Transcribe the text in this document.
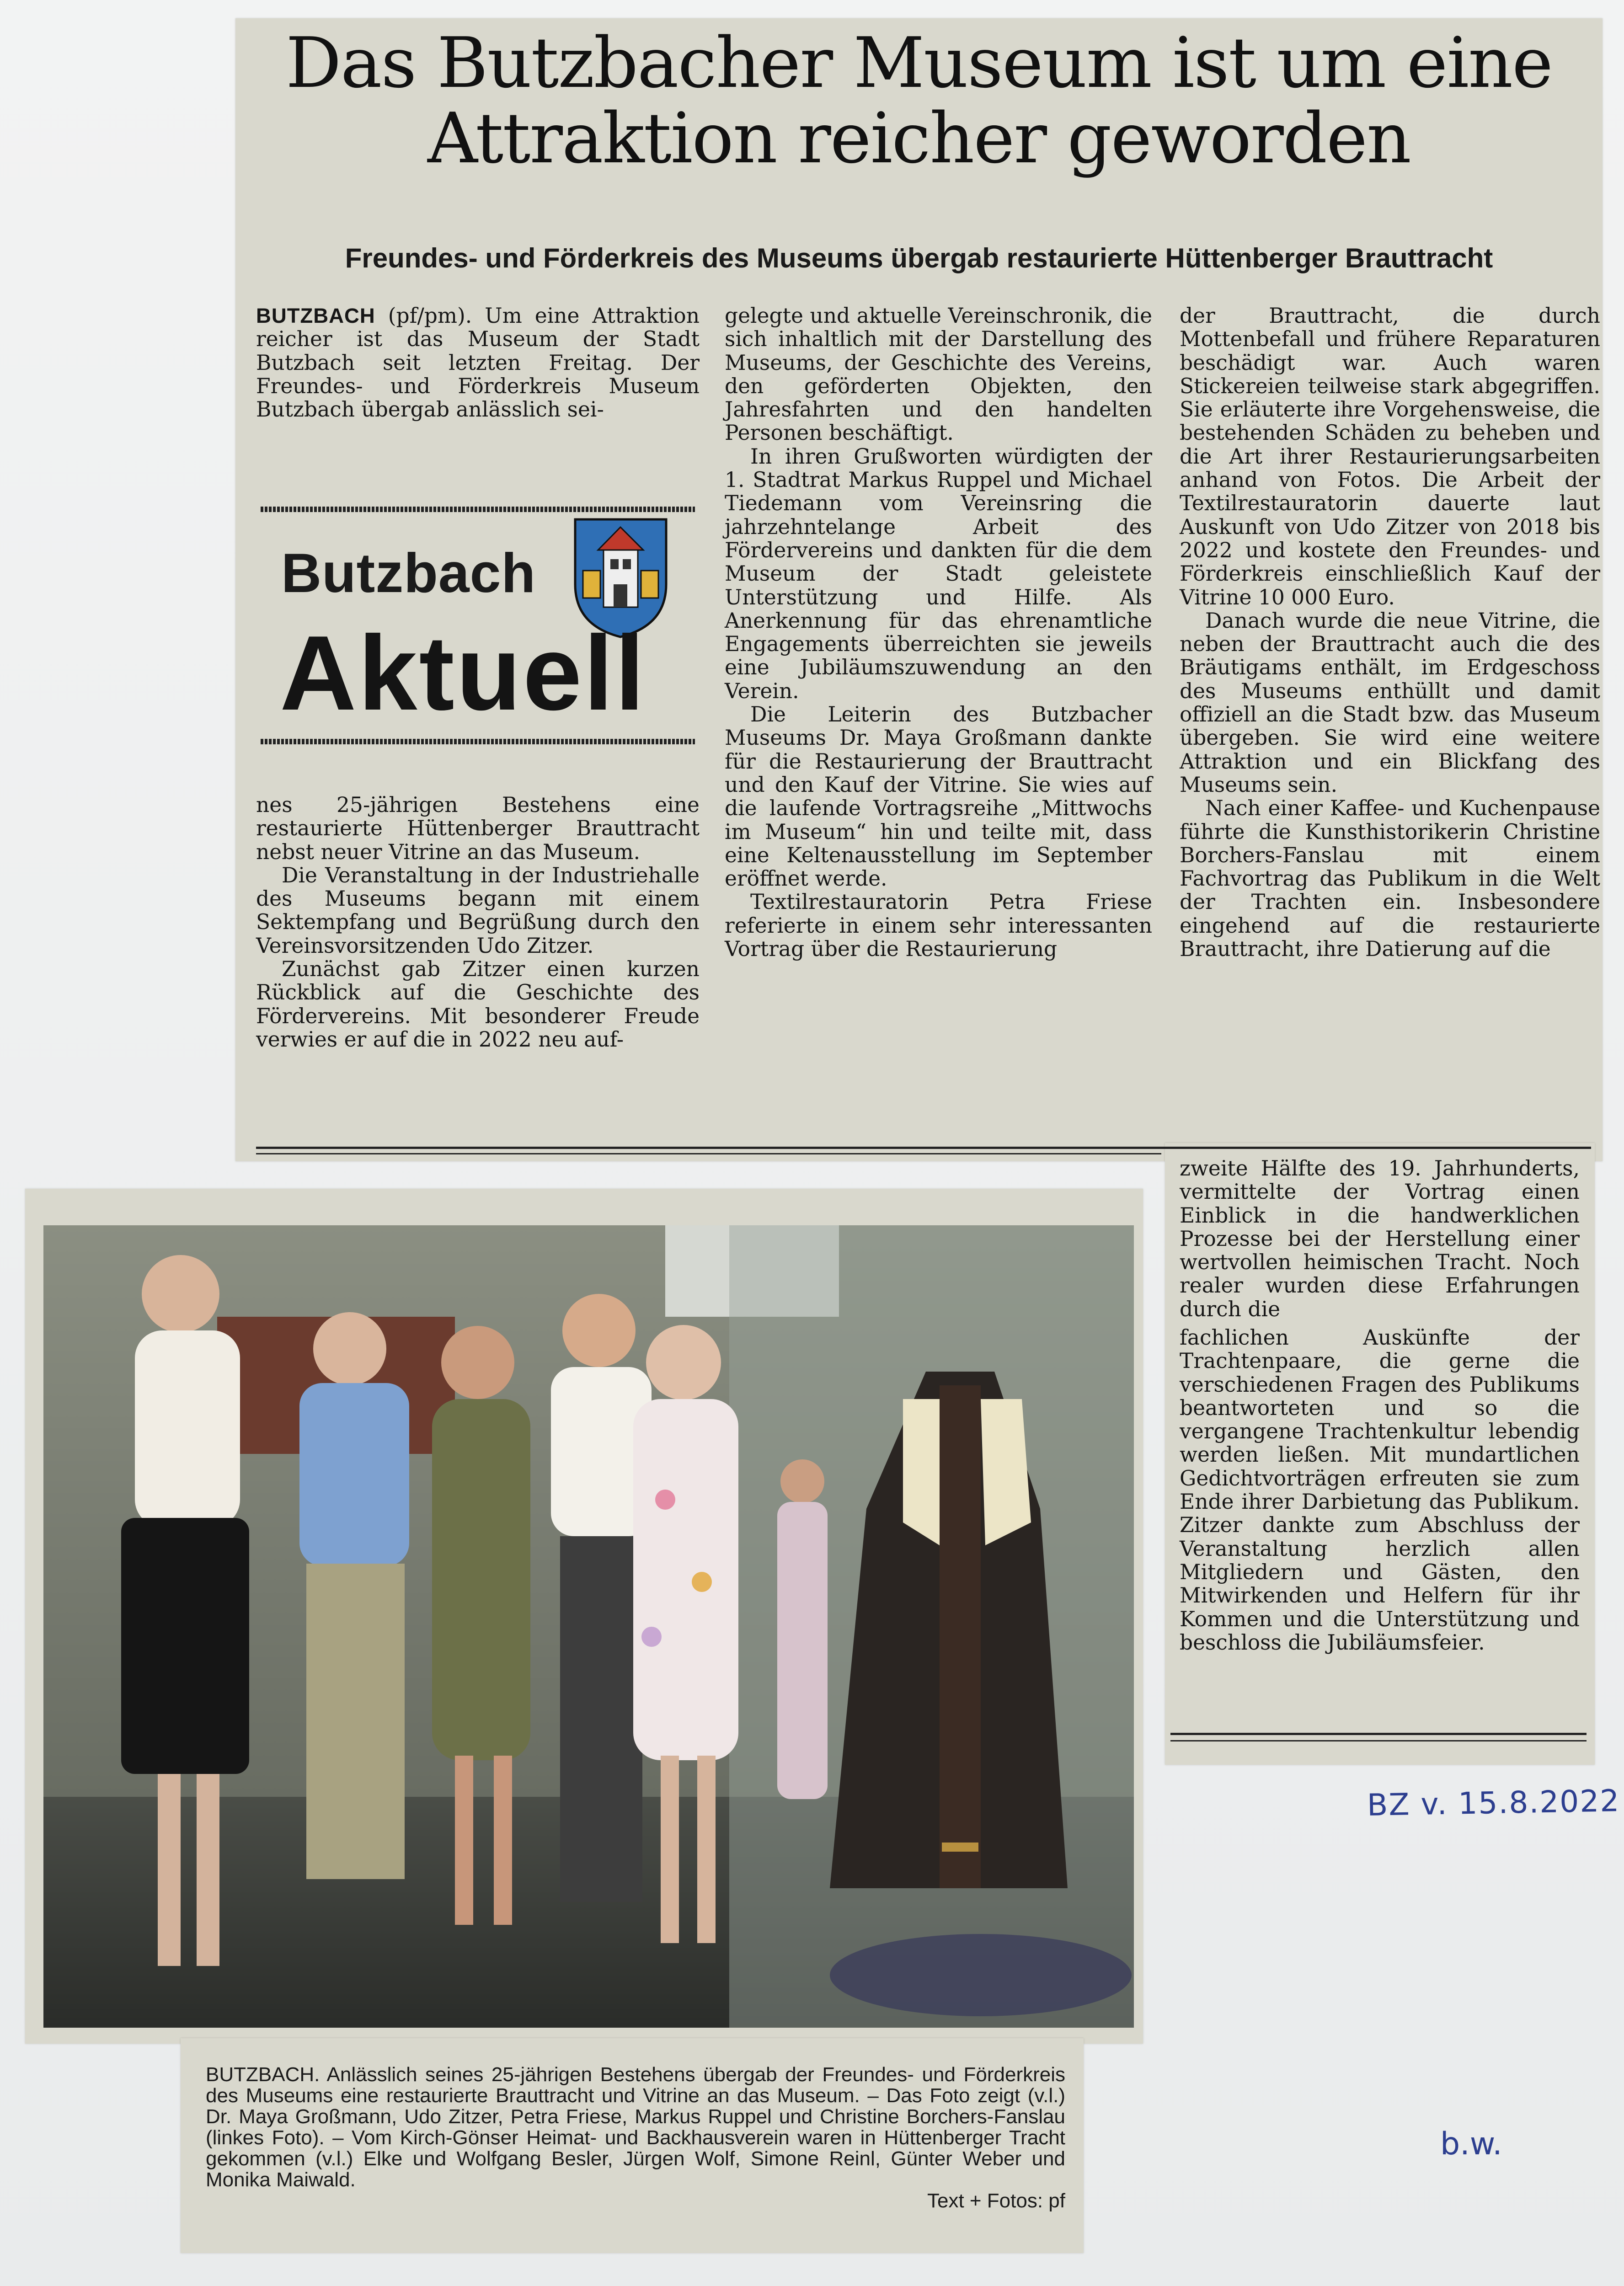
Das Butzbacher Museum ist um eine Attraktion reicher geworden
Freundes- und Förderkreis des Museums übergab restaurierte Hüttenberger Brauttracht

BUTZBACH (pf/pm). Um eine Attraktion reicher ist das Museum der Stadt Butzbach seit letzten Freitag. Der Freundes- und Förderkreis Museum Butzbach übergab anlässlich sei-

Butzbach
Aktuell

nes 25-jährigen Bestehens eine restaurierte Hüttenberger Brauttracht nebst neuer Vitrine an das Museum.

Die Veranstaltung in der Industriehalle des Museums begann mit einem Sektempfang und Begrüßung durch den Vereinsvorsitzenden Udo Zitzer.

Zunächst gab Zitzer einen kurzen Rückblick auf die Geschichte des Fördervereins. Mit besonderer Freude verwies er auf die in 2022 neu auf-

gelegte und aktuelle Vereinschronik, die sich inhaltlich mit der Darstellung des Museums, der Geschichte des Vereins, den geförderten Objekten, den Jahresfahrten und den handelten Personen beschäftigt.

In ihren Grußworten würdigten der 1. Stadtrat Markus Ruppel und Michael Tiedemann vom Vereinsring die jahrzehntelange Arbeit des Fördervereins und dankten für die dem Museum der Stadt geleistete Unterstützung und Hilfe. Als Anerkennung für das ehrenamtliche Engagements überreichten sie jeweils eine Jubiläumszuwendung an den Verein.

Die Leiterin des Butzbacher Museums Dr. Maya Großmann dankte für die Restaurierung der Brauttracht und den Kauf der Vitrine. Sie wies auf die laufende Vortragsreihe „Mittwochs im Museum“ hin und teilte mit, dass eine Keltenausstellung im September eröffnet werde.

Textilrestauratorin Petra Friese referierte in einem sehr interessanten Vortrag über die Restaurierung

der Brauttracht, die durch Mottenbefall und frühere Reparaturen beschädigt war. Auch waren Stickereien teilweise stark abgegriffen. Sie erläuterte ihre Vorgehensweise, die bestehenden Schäden zu beheben und die Art ihrer Restaurierungsarbeiten anhand von Fotos. Die Arbeit der Textilrestauratorin dauerte laut Auskunft von Udo Zitzer von 2018 bis 2022 und kostete den Freundes- und Förderkreis einschließlich Kauf der Vitrine 10 000 Euro.

Danach wurde die neue Vitrine, die neben der Brauttracht auch die des Bräutigams enthält, im Erdgeschoss des Museums enthüllt und damit offiziell an die Stadt bzw. das Museum übergeben. Sie wird eine weitere Attraktion und ein Blickfang des Museums sein.

Nach einer Kaffee- und Kuchenpause führte die Kunsthistorikerin Christine Borchers-Fanslau mit einem Fachvortrag das Publikum in die Welt der Trachten ein. Insbesondere eingehend auf die restaurierte Brauttracht, ihre Datierung auf die

zweite Hälfte des 19. Jahrhunderts, vermittelte der Vortrag einen Einblick in die handwerklichen Prozesse bei der Herstellung einer wertvollen heimischen Tracht. Noch realer wurden diese Erfahrungen durch die

fachlichen Auskünfte der Trachtenpaare, die gerne die verschiedenen Fragen des Publikums beantworteten und so die vergangene Trachtenkultur lebendig werden ließen. Mit mundartlichen Gedichtvorträgen erfreuten sie zum Ende ihrer Darbietung das Publikum. Zitzer dankte zum Abschluss der Veranstaltung herzlich allen Mitgliedern und Gästen, den Mitwirkenden und Helfern für ihr Kommen und die Unterstützung und beschloss die Jubiläumsfeier.

BUTZBACH. Anlässlich seines 25-jährigen Bestehens übergab der Freundes- und Förderkreis des Museums eine restaurierte Brauttracht und Vitrine an das Museum. – Das Foto zeigt (v.l.) Dr. Maya Großmann, Udo Zitzer, Petra Friese, Markus Ruppel und Christine Borchers-Fanslau (linkes Foto). – Vom Kirch-Gönser Heimat- und Backhausverein waren in Hüttenberger Tracht gekommen (v.l.) Elke und Wolfgang Besler, Jürgen Wolf, Simone Reinl, Günter Weber und Monika Maiwald.

Text + Fotos: pf

BZ v. 15.8.2022
b.w.
